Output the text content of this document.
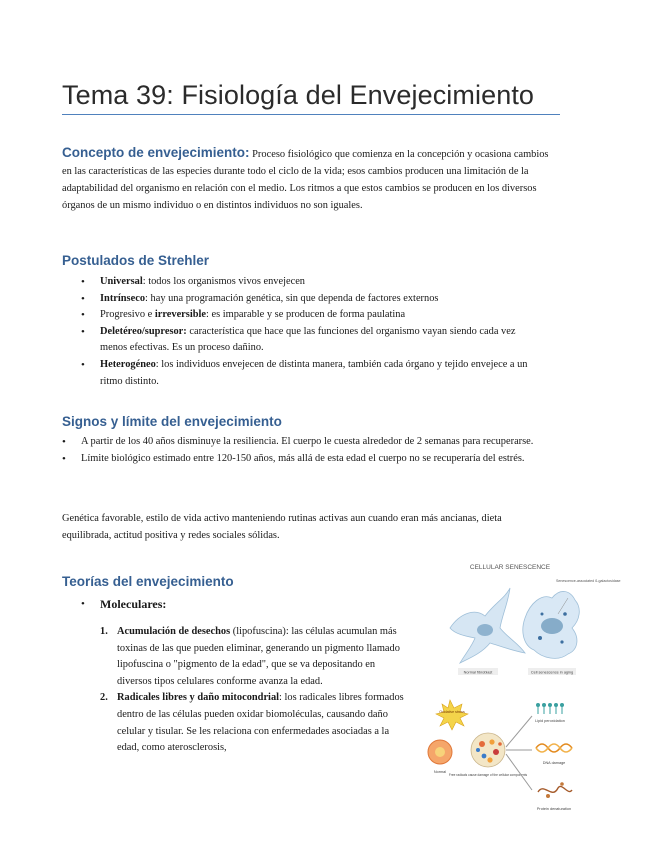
Tema 39: Fisiología del Envejecimiento

Concepto de envejecimiento: Proceso fisiológico que comienza en la concepción y ocasiona cambios en las características de las especies durante todo el ciclo de la vida; esos cambios producen una limitación de la adaptabilidad del organismo en relación con el medio. Los ritmos a que estos cambios se producen en los diversos órganos de un mismo individuo o en distintos individuos no son iguales.

Postulados de Strehler
• Universal: todos los organismos vivos envejecen
• Intrínseco: hay una programación genética, sin que dependa de factores externos
• Progresivo e irreversible: es imparable y se producen de forma paulatina
• Deletéreo/supresor: característica que hace que las funciones del organismo vayan siendo cada vez menos efectivas. Es un proceso dañino.
• Heterogéneo: los individuos envejecen de distinta manera, también cada órgano y tejido envejece a un ritmo distinto.
Signos y límite del envejecimiento
• A partir de los 40 años disminuye la resiliencia. El cuerpo le cuesta alrededor de 2 semanas para recuperarse.
• Límite biológico estimado entre 120-150 años, más allá de esta edad el cuerpo no se recuperaría del estrés.

Genética favorable, estilo de vida activo manteniendo rutinas activas aun cuando eran más ancianas, dieta equilibrada, actitud positiva y redes sociales sólidas.

Teorías del envejecimiento
• Moleculares:
1. Acumulación de desechos (lipofuscina): las células acumulan más toxinas de las que pueden eliminar, generando un pigmento llamado lipofuscina o "pigmento de la edad", que se va depositando en diversos tipos celulares conforme avanza la edad.
2. Radicales libres y daño mitocondrial: los radicales libres formados dentro de las células pueden oxidar biomoléculas, causando daño celular y tisular. Se les relaciona con enfermedades asociadas a la edad, como aterosclerosis,
CELLULAR SENESCENCE
Senescence-associated ß-galactosidase
Normal fibroblast	Cell senescence in aging
Oxidative stress
Normal
Free radicals cause damage of the cellular components
Lipid peroxidation
DNA damage
Protein denaturation
